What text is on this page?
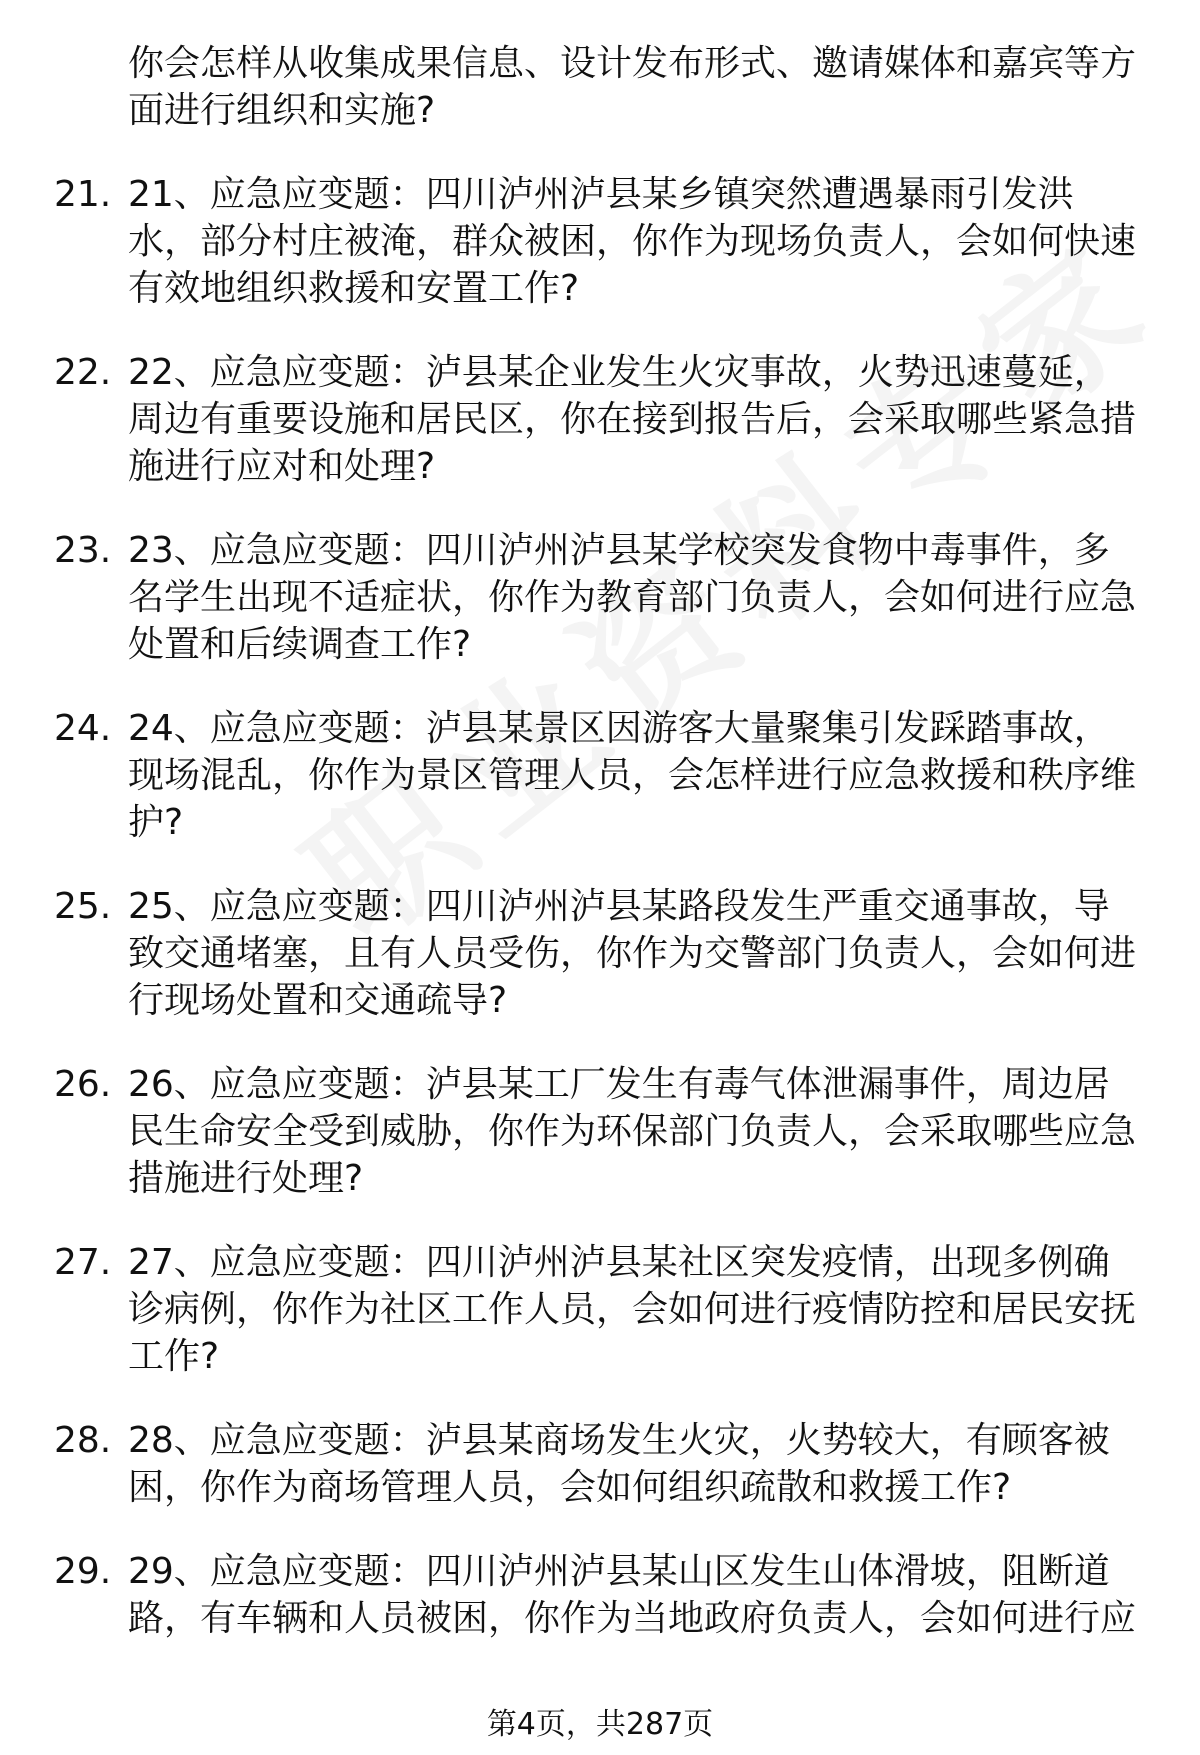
你会怎样从收集成果信息、设计发布形式、邀请媒体和嘉宾等方面进行组织和实施?
21. 21、应急应变题：四川泸州泸县某乡镇突然遭遇暴雨引发洪水，部分村庄被淹，群众被困，你作为现场负责人，会如何快速有效地组织救援和安置工作?
22. 22、应急应变题：泸县某企业发生火灾事故，火势迅速蔓延，周边有重要设施和居民区，你在接到报告后，会采取哪些紧急措施进行应对和处理?
23. 23、应急应变题：四川泸州泸县某学校突发食物中毒事件，多名学生出现不适症状，你作为教育部门负责人，会如何进行应急处置和后续调查工作?
24. 24、应急应变题：泸县某景区因游客大量聚集引发踩踏事故，现场混乱，你作为景区管理人员，会怎样进行应急救援和秩序维护?
25. 25、应急应变题：四川泸州泸县某路段发生严重交通事故，导致交通堵塞，且有人员受伤，你作为交警部门负责人，会如何进行现场处置和交通疏导?
26. 26、应急应变题：泸县某工厂发生有毒气体泄漏事件，周边居民生命安全受到威胁，你作为环保部门负责人，会采取哪些应急措施进行处理?
27. 27、应急应变题：四川泸州泸县某社区突发疫情，出现多例确诊病例，你作为社区工作人员，会如何进行疫情防控和居民安抚工作?
28. 28、应急应变题：泸县某商场发生火灾，火势较大，有顾客被困，你作为商场管理人员，会如何组织疏散和救援工作?
29. 29、应急应变题：四川泸州泸县某山区发生山体滑坡，阻断道路，有车辆和人员被困，你作为当地政府负责人，会如何进行应
第4页，共287页
